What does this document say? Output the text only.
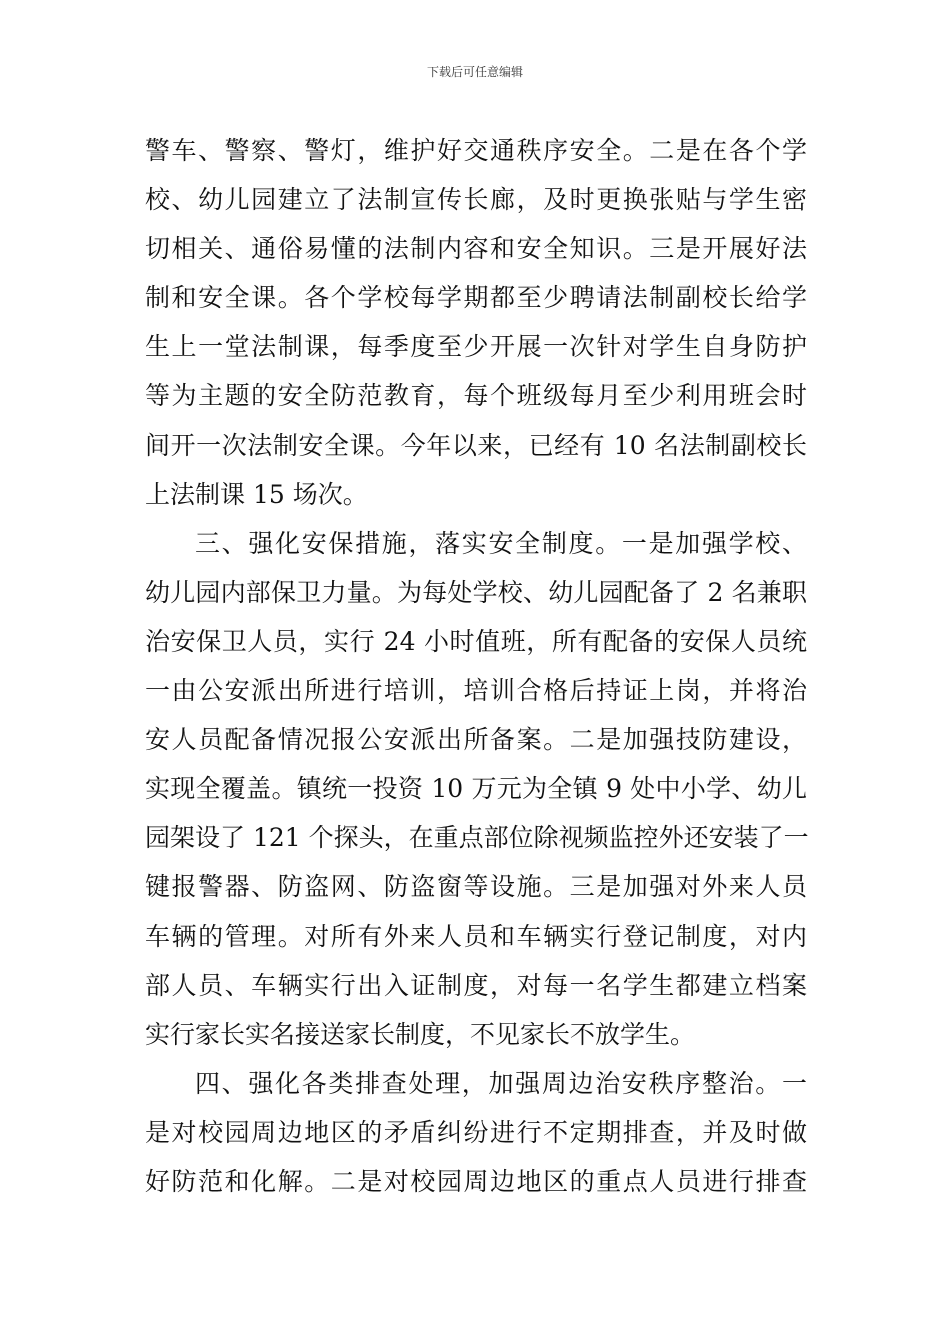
下载后可任意编辑
警车、警察、警灯，维护好交通秩序安全。二是在各个学
校、幼儿园建立了法制宣传长廊，及时更换张贴与学生密
切相关、通俗易懂的法制内容和安全知识。三是开展好法
制和安全课。各个学校每学期都至少聘请法制副校长给学
生上一堂法制课，每季度至少开展一次针对学生自身防护
等为主题的安全防范教育，每个班级每月至少利用班会时
间开一次法制安全课。今年以来，已经有 10 名法制副校长
上法制课 15 场次。
三、强化安保措施，落实安全制度。一是加强学校、
幼儿园内部保卫力量。为每处学校、幼儿园配备了 2 名兼职
治安保卫人员，实行 24 小时值班，所有配备的安保人员统
一由公安派出所进行培训，培训合格后持证上岗，并将治
安人员配备情况报公安派出所备案。二是加强技防建设，
实现全覆盖。镇统一投资 10 万元为全镇 9 处中小学、幼儿
园架设了 121 个探头，在重点部位除视频监控外还安装了一
键报警器、防盗网、防盗窗等设施。三是加强对外来人员
车辆的管理。对所有外来人员和车辆实行登记制度，对内
部人员、车辆实行出入证制度，对每一名学生都建立档案
实行家长实名接送家长制度，不见家长不放学生。
四、强化各类排查处理，加强周边治安秩序整治。一
是对校园周边地区的矛盾纠纷进行不定期排查，并及时做
好防范和化解。二是对校园周边地区的重点人员进行排查
